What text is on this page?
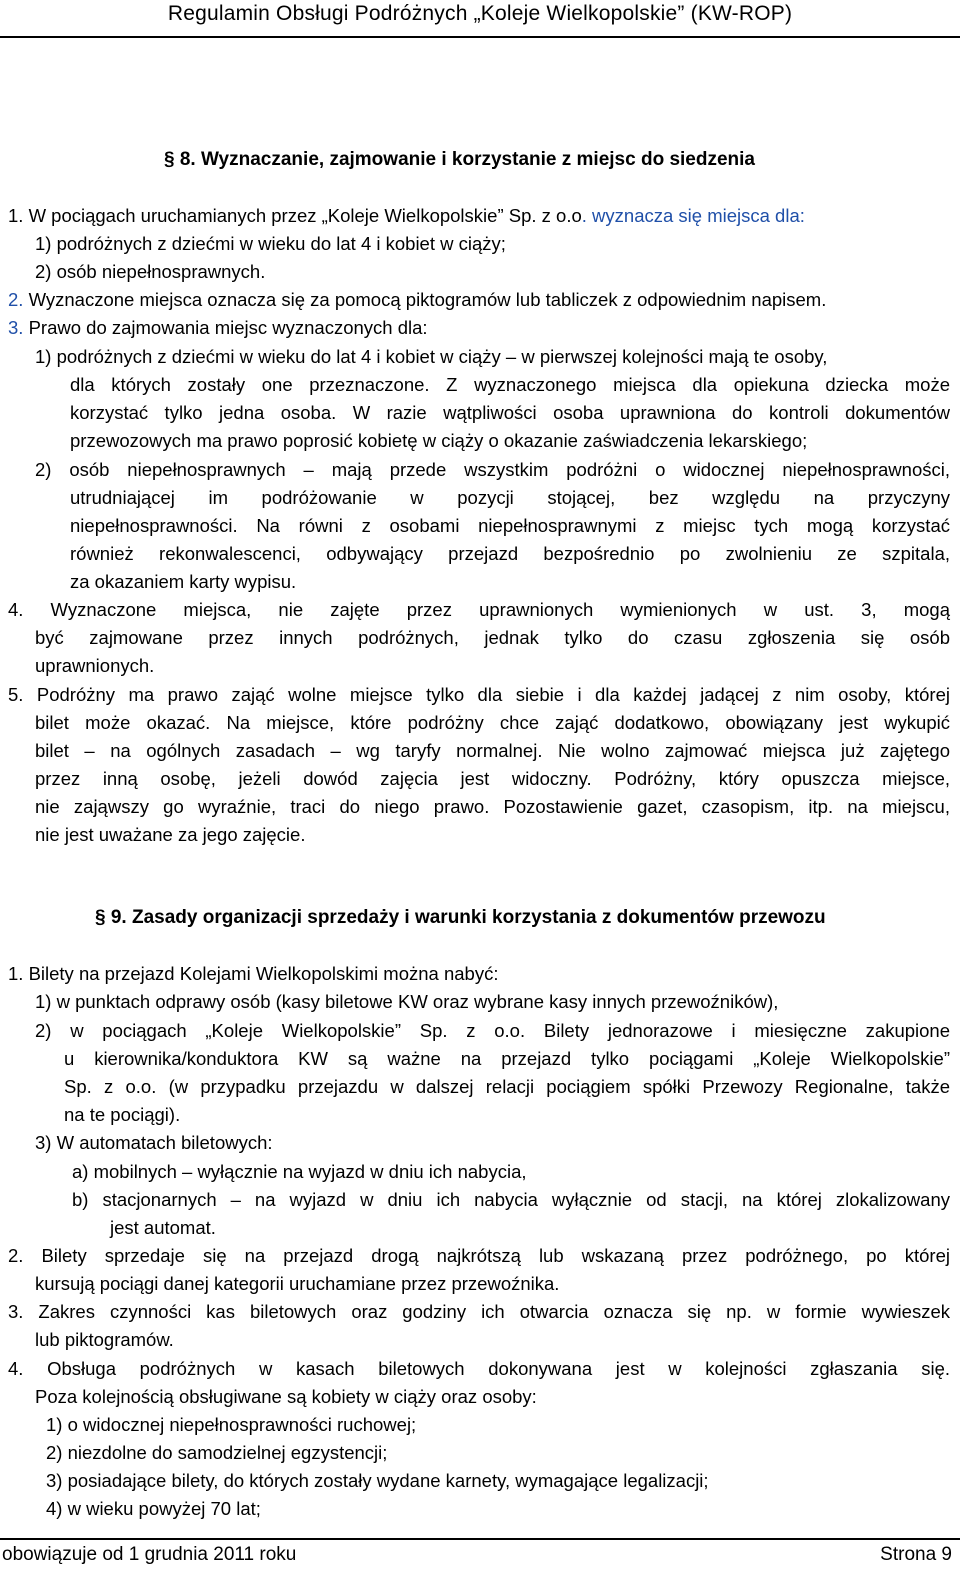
Regulamin Obsługi Podróżnych „Koleje Wielkopolskie” (KW-ROP)
§ 8. Wyznaczanie, zajmowanie i korzystanie z miejsc do siedzenia
1. W pociągach uruchamianych przez „Koleje Wielkopolskie” Sp. z o.o. wyznacza się miejsca dla:
1) podróżnych z dziećmi w wieku do lat 4 i kobiet w ciąży;
2) osób niepełnosprawnych.
2. Wyznaczone miejsca oznacza się za pomocą piktogramów lub tabliczek z odpowiednim napisem.
3. Prawo do zajmowania miejsc wyznaczonych dla:
1) podróżnych z dziećmi w wieku do lat 4 i kobiet w ciąży – w pierwszej kolejności mają te osoby,
dla których zostały one przeznaczone. Z wyznaczonego miejsca dla opiekuna dziecka może
korzystać tylko jedna osoba. W razie wątpliwości osoba uprawniona do kontroli dokumentów
przewozowych ma prawo poprosić kobietę w ciąży o okazanie zaświadczenia lekarskiego;
2) osób niepełnosprawnych – mają przede wszystkim podróżni o widocznej niepełnosprawności,
utrudniającej im podróżowanie w pozycji stojącej, bez względu na przyczyny
niepełnosprawności. Na równi z osobami niepełnosprawnymi z miejsc tych mogą korzystać
również rekonwalescenci, odbywający przejazd bezpośrednio po zwolnieniu ze szpitala,
za okazaniem karty wypisu.
4. Wyznaczone miejsca, nie zajęte przez uprawnionych wymienionych w ust. 3, mogą
być zajmowane przez innych podróżnych, jednak tylko do czasu zgłoszenia się osób
uprawnionych.
5. Podróżny ma prawo zająć wolne miejsce tylko dla siebie i dla każdej jadącej z nim osoby, której
bilet może okazać. Na miejsce, które podróżny chce zająć dodatkowo, obowiązany jest wykupić
bilet – na ogólnych zasadach – wg taryfy normalnej. Nie wolno zajmować miejsca już zajętego
przez inną osobę, jeżeli dowód zajęcia jest widoczny. Podróżny, który opuszcza miejsce,
nie zająwszy go wyraźnie, traci do niego prawo. Pozostawienie gazet, czasopism, itp. na miejscu,
nie jest uważane za jego zajęcie.
§ 9. Zasady organizacji sprzedaży i warunki korzystania z dokumentów przewozu
1. Bilety na przejazd Kolejami Wielkopolskimi można nabyć:
1) w punktach odprawy osób (kasy biletowe KW oraz wybrane kasy innych przewoźników),
2) w pociągach „Koleje Wielkopolskie” Sp. z o.o. Bilety jednorazowe i miesięczne zakupione
u kierownika/konduktora KW są ważne na przejazd tylko pociągami „Koleje Wielkopolskie”
Sp. z o.o. (w przypadku przejazdu w dalszej relacji pociągiem spółki Przewozy Regionalne, także
na te pociągi).
3) W automatach biletowych:
a) mobilnych – wyłącznie na wyjazd w dniu ich nabycia,
b) stacjonarnych – na wyjazd w dniu ich nabycia wyłącznie od stacji, na której zlokalizowany
jest automat.
2. Bilety sprzedaje się na przejazd drogą najkrótszą lub wskazaną przez podróżnego, po której
kursują pociągi danej kategorii uruchamiane przez przewoźnika.
3. Zakres czynności kas biletowych oraz godziny ich otwarcia oznacza się np. w formie wywieszek
lub piktogramów.
4. Obsługa podróżnych w kasach biletowych dokonywana jest w kolejności zgłaszania się.
Poza kolejnością obsługiwane są kobiety w ciąży oraz osoby:
1) o widocznej niepełnosprawności ruchowej;
2) niezdolne do samodzielnej egzystencji;
3) posiadające bilety, do których zostały wydane karnety, wymagające legalizacji;
4) w wieku powyżej 70 lat;
obowiązuje od 1 grudnia 2011 roku	Strona 9
